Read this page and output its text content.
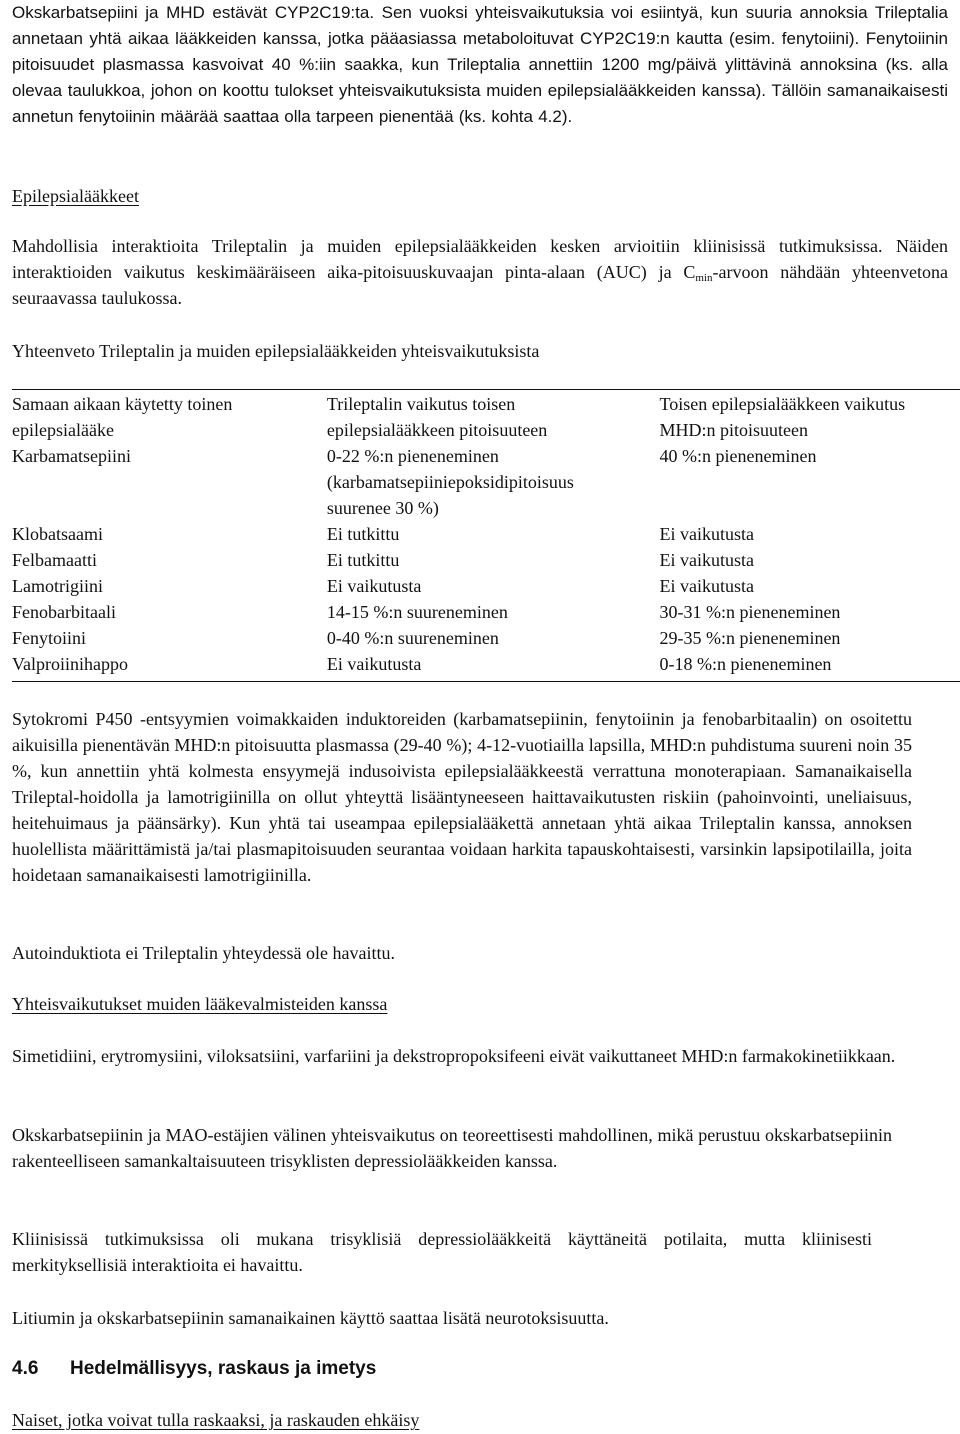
Okskarbatsepiini ja MHD estävät CYP2C19:ta. Sen vuoksi yhteisvaikutuksia voi esiintyä, kun suuria annoksia Trileptalia annetaan yhtä aikaa lääkkeiden kanssa, jotka pääasiassa metaboloituvat CYP2C19:n kautta (esim. fenytoiini). Fenytoiinin pitoisuudet plasmassa kasvoivat 40 %:iin saakka, kun Trileptalia annettiin 1200 mg/päivä ylittävinä annoksina (ks. alla olevaa taulukkoa, johon on koottu tulokset yhteisvaikutuksista muiden epilepsialääkkeiden kanssa). Tällöin samanaikaisesti annetun fenytoiinin määrää saattaa olla tarpeen pienentää (ks. kohta 4.2).

Epilepsialääkkeet

Mahdollisia interaktioita Trileptalin ja muiden epilepsialääkkeiden kesken arvioitiin kliinisissä tutkimuksissa. Näiden interaktioiden vaikutus keskimääräiseen aika-pitoisuuskuvaajan pinta-alaan (AUC) ja $C_{min}$-arvoon nähdään yhteenvetona seuraavassa taulukossa.

Yhteenveto Trileptalin ja muiden epilepsialääkkeiden yhteisvaikutuksista

Samaan aikaan käytetty toinen epilepsialääke	Trileptalin vaikutus toisen epilepsialääkkeen pitoisuuteen	Toisen epilepsialääkkeen vaikutus MHD:n pitoisuuteen
Karbamatsepiini	0-22 %:n pieneneminen (karbamatsepiiniepoksidipitoisuus suurenee 30 %)	40 %:n pieneneminen
Klobatsaami	Ei tutkittu	Ei vaikutusta
Felbamaatti	Ei tutkittu	Ei vaikutusta
Lamotrigiini	Ei vaikutusta	Ei vaikutusta
Fenobarbitaali	14-15 %:n suureneminen	30-31 %:n pieneneminen
Fenytoiini	0-40 %:n suureneminen	29-35 %:n pieneneminen
Valproiinihappo	Ei vaikutusta	0-18 %:n pieneneminen

Sytokromi P450 -entsyymien voimakkaiden induktoreiden (karbamatsepiinin, fenytoiinin ja fenobarbitaalin) on osoitettu aikuisilla pienentävän MHD:n pitoisuutta plasmassa (29-40 %); 4-12-vuotiailla lapsilla, MHD:n puhdistuma suureni noin 35 %, kun annettiin yhtä kolmesta ensyymejä indusoivista epilepsialääkkeestä verrattuna monoterapiaan. Samanaikaisella Trileptal-hoidolla ja lamotrigiinilla on ollut yhteyttä lisääntyneeseen haittavaikutusten riskiin (pahoinvointi, uneliaisuus, heitehuimaus ja päänsärky). Kun yhtä tai useampaa epilepsialääkettä annetaan yhtä aikaa Trileptalin kanssa, annoksen huolellista määrittämistä ja/tai plasmapitoisuuden seurantaa voidaan harkita tapauskohtaisesti, varsinkin lapsipotilailla, joita hoidetaan samanaikaisesti lamotrigiinilla.

Autoinduktiota ei Trileptalin yhteydessä ole havaittu.

Yhteisvaikutukset muiden lääkevalmisteiden kanssa

Simetidiini, erytromysiini, viloksatsiini, varfariini ja dekstropropoksifeeni eivät vaikuttaneet MHD:n farmakokinetiikkaan.

Okskarbatsepiinin ja MAO-estäjien välinen yhteisvaikutus on teoreettisesti mahdollinen, mikä perustuu okskarbatsepiinin rakenteelliseen samankaltaisuuteen trisyklisten depressiolääkkeiden kanssa.

Kliinisissä tutkimuksissa oli mukana trisyklisiä depressiolääkkeitä käyttäneitä potilaita, mutta kliinisesti merkityksellisiä interaktioita ei havaittu.

Litiumin ja okskarbatsepiinin samanaikainen käyttö saattaa lisätä neurotoksisuutta.

4.6 Hedelmällisyys, raskaus ja imetys

Naiset, jotka voivat tulla raskaaksi, ja raskauden ehkäisy
